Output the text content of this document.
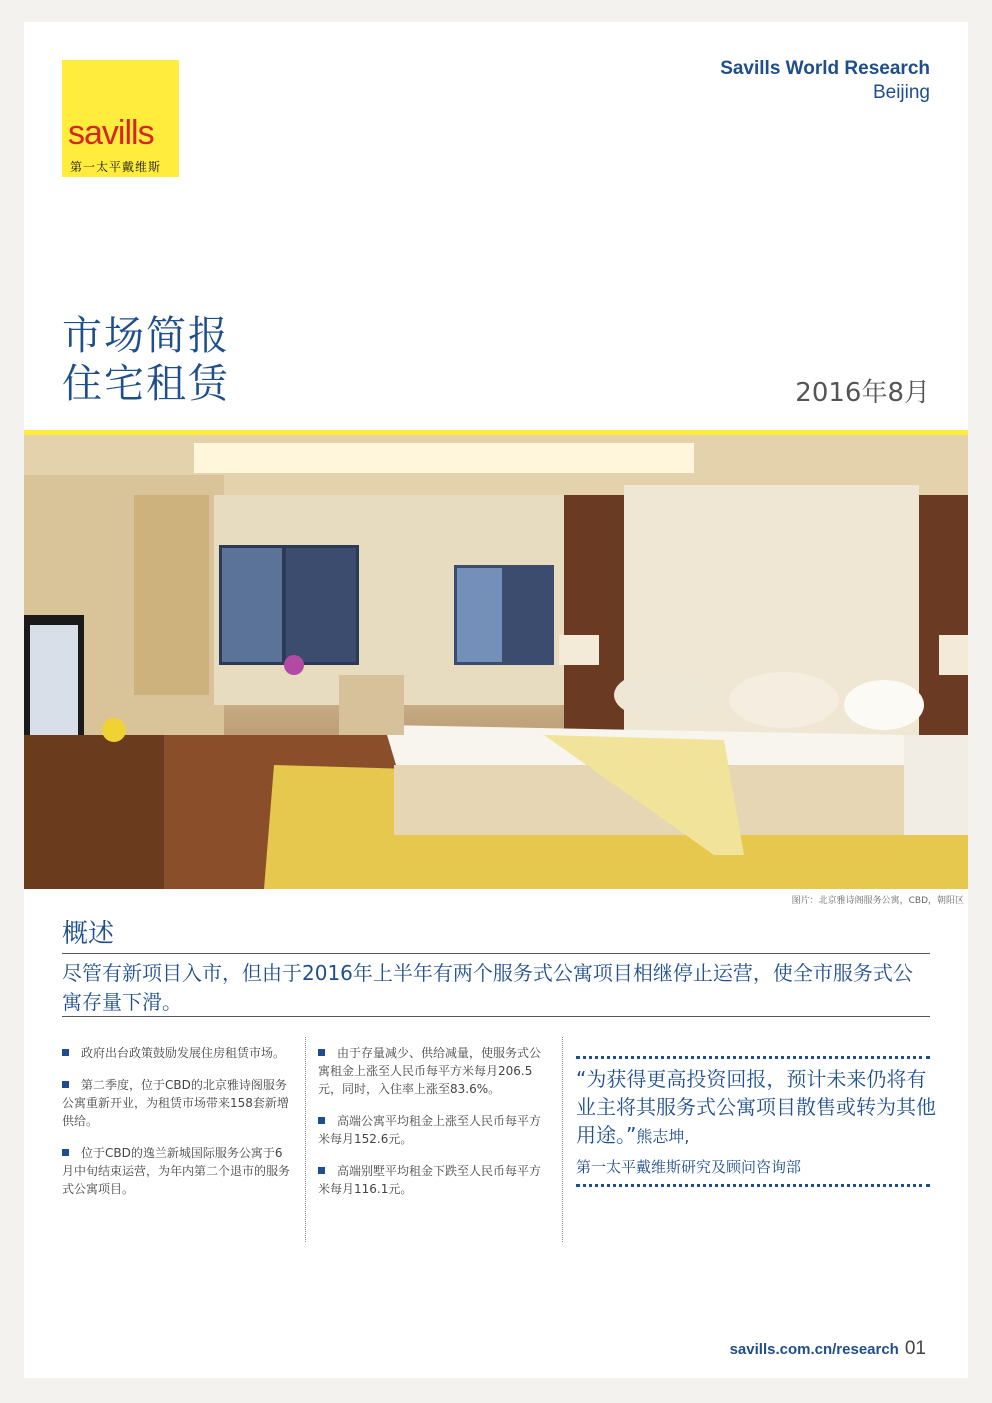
savills
第一太平戴维斯
Savills World Research
Beijing
市场简报
住宅租赁	2016年8月
图片：北京雅诗阁服务公寓，CBD，朝阳区
概述
尽管有新项目入市，但由于2016年上半年有两个服务式公寓项目相继停止运营，使全市服务式公寓存量下滑。
政府出台政策鼓励发展住房租赁市场。
第二季度，位于CBD的北京雅诗阁服务公寓重新开业，为租赁市场带来158套新增供给。
位于CBD的逸兰新城国际服务公寓于6月中旬结束运营，为年内第二个退市的服务式公寓项目。
由于存量减少、供给减量，使服务式公寓租金上涨至人民币每平方米每月206.5元，同时，入住率上涨至83.6%。
高端公寓平均租金上涨至人民币每平方米每月152.6元。
高端别墅平均租金下跌至人民币每平方米每月116.1元。
“为获得更高投资回报，预计未来仍将有业主将其服务式公寓项目散售或转为其他用途。”熊志坤,
第一太平戴维斯研究及顾问咨询部
savills.com.cn/research 01
